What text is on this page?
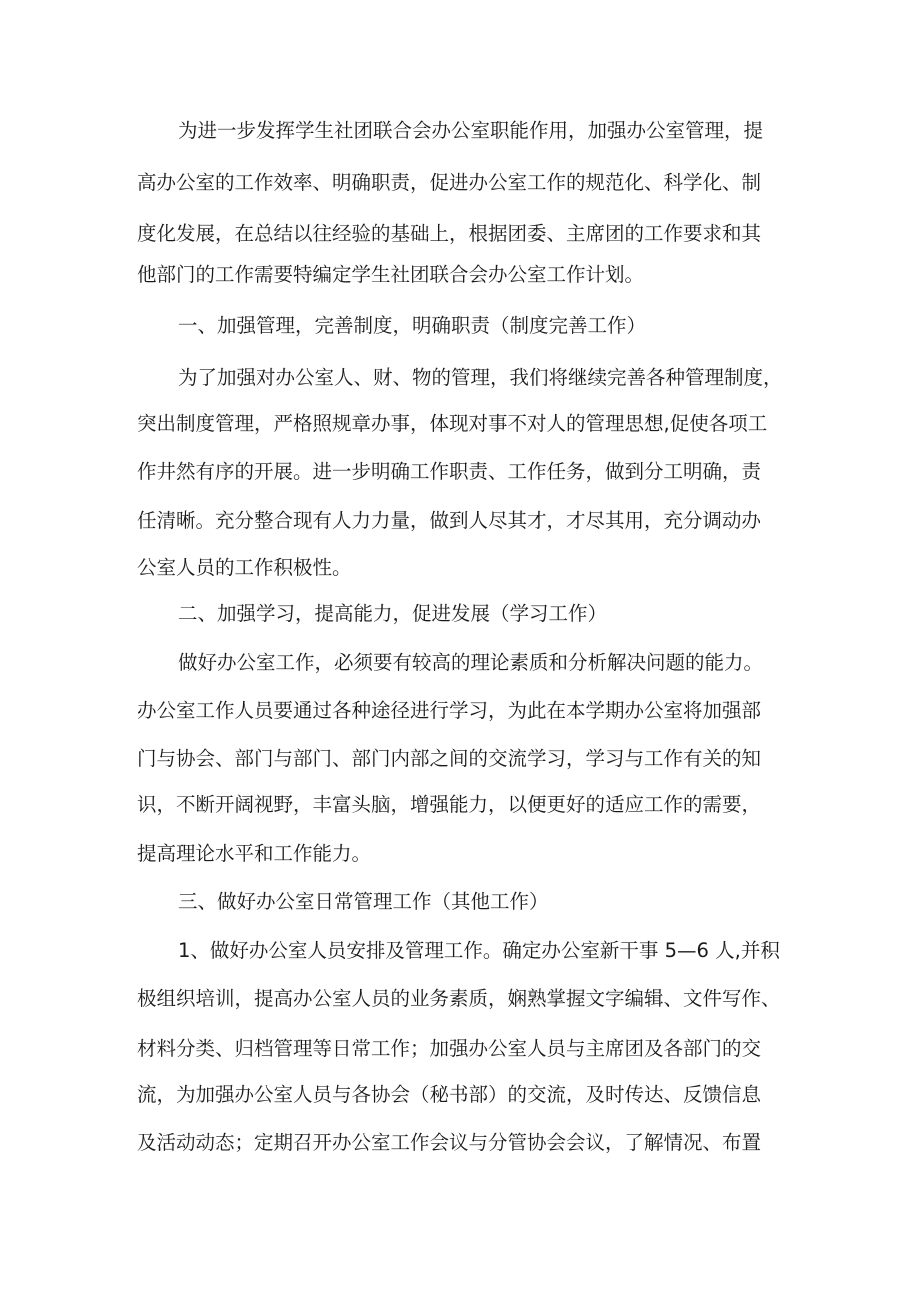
为进一步发挥学生社团联合会办公室职能作用，加强办公室管理，提
高办公室的工作效率、明确职责，促进办公室工作的规范化、科学化、制
度化发展，在总结以往经验的基础上，根据团委、主席团的工作要求和其
他部门的工作需要特编定学生社团联合会办公室工作计划。
一、加强管理，完善制度，明确职责（制度完善工作）
为了加强对办公室人、财、物的管理，我们将继续完善各种管理制度，
突出制度管理，严格照规章办事，体现对事不对人的管理思想,促使各项工
作井然有序的开展。进一步明确工作职责、工作任务，做到分工明确，责
任清晰。充分整合现有人力力量，做到人尽其才，才尽其用，充分调动办
公室人员的工作积极性。
二、加强学习，提高能力，促进发展（学习工作）
做好办公室工作，必须要有较高的理论素质和分析解决问题的能力。
办公室工作人员要通过各种途径进行学习，为此在本学期办公室将加强部
门与协会、部门与部门、部门内部之间的交流学习，学习与工作有关的知
识，不断开阔视野，丰富头脑，增强能力，以便更好的适应工作的需要，
提高理论水平和工作能力。
三、做好办公室日常管理工作（其他工作）
1、做好办公室人员安排及管理工作。确定办公室新干事 5—6 人,并积
极组织培训，提高办公室人员的业务素质，娴熟掌握文字编辑、文件写作、
材料分类、归档管理等日常工作；加强办公室人员与主席团及各部门的交
流，为加强办公室人员与各协会（秘书部）的交流，及时传达、反馈信息
及活动动态；定期召开办公室工作会议与分管协会会议，了解情况、布置
